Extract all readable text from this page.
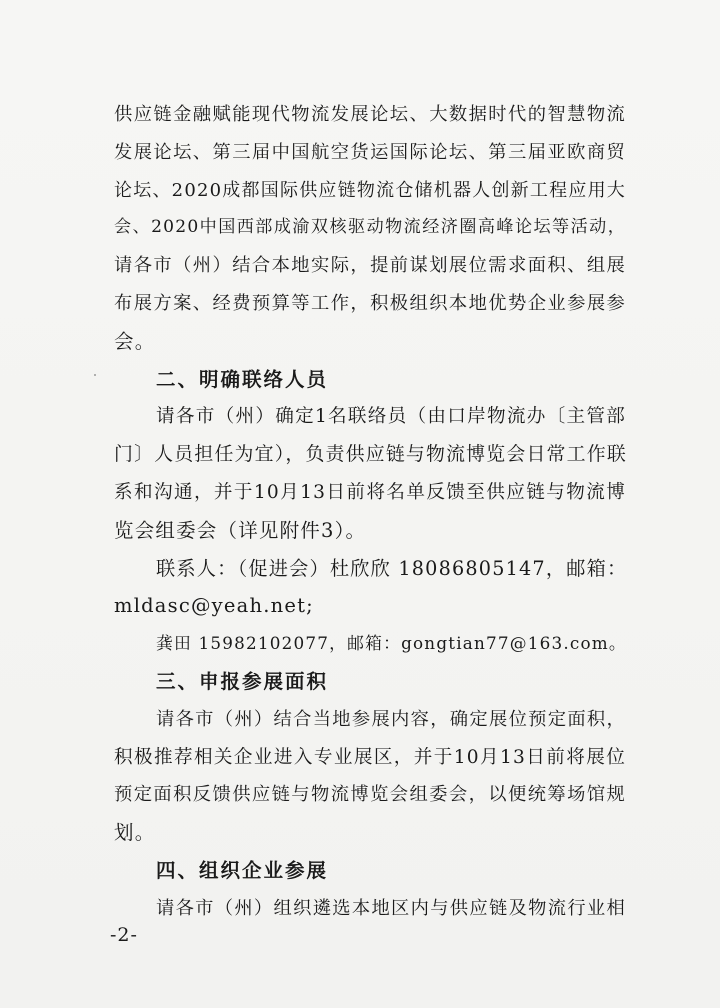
供应链金融赋能现代物流发展论坛、大数据时代的智慧物流
发展论坛、第三届中国航空货运国际论坛、第三届亚欧商贸
论坛、2020成都国际供应链物流仓储机器人创新工程应用大
会、2020中国西部成渝双核驱动物流经济圈高峰论坛等活动，
请各市（州）结合本地实际，提前谋划展位需求面积、组展
布展方案、经费预算等工作，积极组织本地优势企业参展参
会。
二、明确联络人员
请各市（州）确定1名联络员（由口岸物流办〔主管部
门〕人员担任为宜），负责供应链与物流博览会日常工作联
系和沟通，并于10月13日前将名单反馈至供应链与物流博
览会组委会（详见附件3）。
联系人：（促进会）杜欣欣 18086805147，邮箱：
mldasc@yeah.net;
龚田 15982102077，邮箱：gongtian77@163.com。
三、申报参展面积
请各市（州）结合当地参展内容，确定展位预定面积，
积极推荐相关企业进入专业展区，并于10月13日前将展位
预定面积反馈供应链与物流博览会组委会，以便统筹场馆规
划。
四、组织企业参展
请各市（州）组织遴选本地区内与供应链及物流行业相
-2-
